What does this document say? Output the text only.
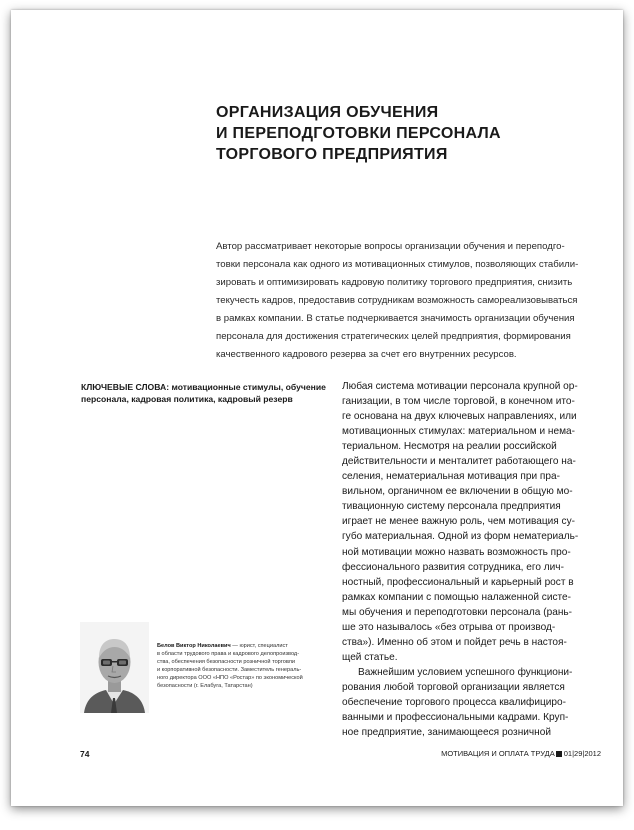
ОРГАНИЗАЦИЯ ОБУЧЕНИЯ
И ПЕРЕПОДГОТОВКИ ПЕРСОНАЛА
ТОРГОВОГО ПРЕДПРИЯТИЯ
Автор рассматривает некоторые вопросы организации обучения и переподго-
товки персонала как одного из мотивационных стимулов, позволяющих стабили-
зировать и оптимизировать кадровую политику торгового предприятия, снизить
текучесть кадров, предоставив сотрудникам возможность самореализовываться
в рамках компании. В статье подчеркивается значимость организации обучения
персонала для достижения стратегических целей предприятия, формирования
качественного кадрового резерва за счет его внутренних ресурсов.
КЛЮЧЕВЫЕ СЛОВА: мотивационные стимулы, обучение
персонала, кадровая политика, кадровый резерв
Любая система мотивации персонала крупной ор-
ганизации, в том числе торговой, в конечном ито-
ге основана на двух ключевых направлениях, или
мотивационных стимулах: материальном и нема-
териальном. Несмотря на реалии российской
действительности и менталитет работающего на-
селения, нематериальная мотивация при пра-
вильном, органичном ее включении в общую мо-
тивационную систему персонала предприятия
играет не менее важную роль, чем мотивация су-
губо материальная. Одной из форм нематериаль-
ной мотивации можно назвать возможность про-
фессионального развития сотрудника, его лич-
ностный, профессиональный и карьерный рост в
рамках компании с помощью налаженной систе-
мы обучения и переподготовки персонала (рань-
ше это называлось «без отрыва от производ-
ства»). Именно об этом и пойдет речь в настоя-
щей статье.
Важнейшим условием успешного функциони-
рования любой торговой организации является
обеспечение торгового процесса квалифициро-
ванными и профессиональными кадрами. Круп-
ное предприятие, занимающееся розничной
Белов Виктор Николаевич — юрист, специалист
в области трудового права и кадрового делопроизвод-
ства, обеспечения безопасности розничной торговли
и корпоративной безопасности. Заместитель генераль-
ного директора ООО «НПО «Ростар» по экономической
безопасности (г. Елабуга, Татарстан)
74	МОТИВАЦИЯ И ОПЛАТА ТРУДА 01|29|2012
